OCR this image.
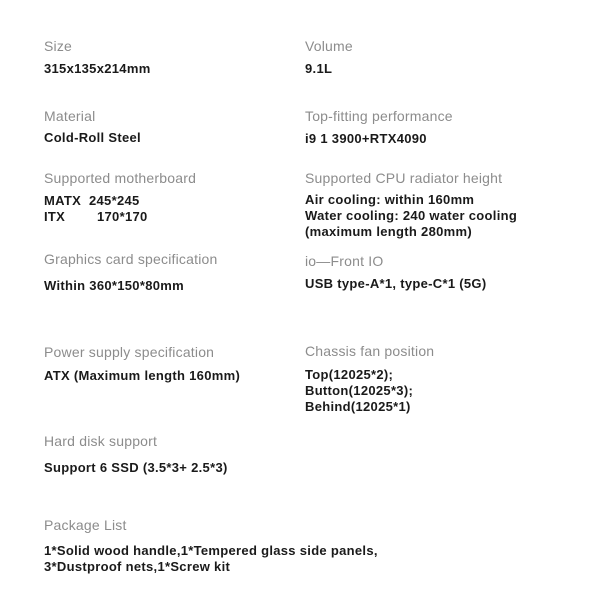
Size
315x135x214mm
Material
Cold-Roll Steel
Supported motherboard
MATX 245*245
ITX	170*170
Graphics card specification
Within 360*150*80mm
Power supply specification
ATX (Maximum length 160mm)
Hard disk support
Support 6 SSD (3.5*3+ 2.5*3)
Package List
1*Solid wood handle,1*Tempered glass side panels,
3*Dustproof nets,1*Screw kit
Volume
9.1L
Top-fitting performance
i9 1 3900+RTX4090
Supported CPU radiator height
Air cooling: within 160mm
Water cooling: 240 water cooling
(maximum length 280mm)
io—Front IO
USB type-A*1, type-C*1 (5G)
Chassis fan position
Top(12025*2);
Button(12025*3);
Behind(12025*1)
